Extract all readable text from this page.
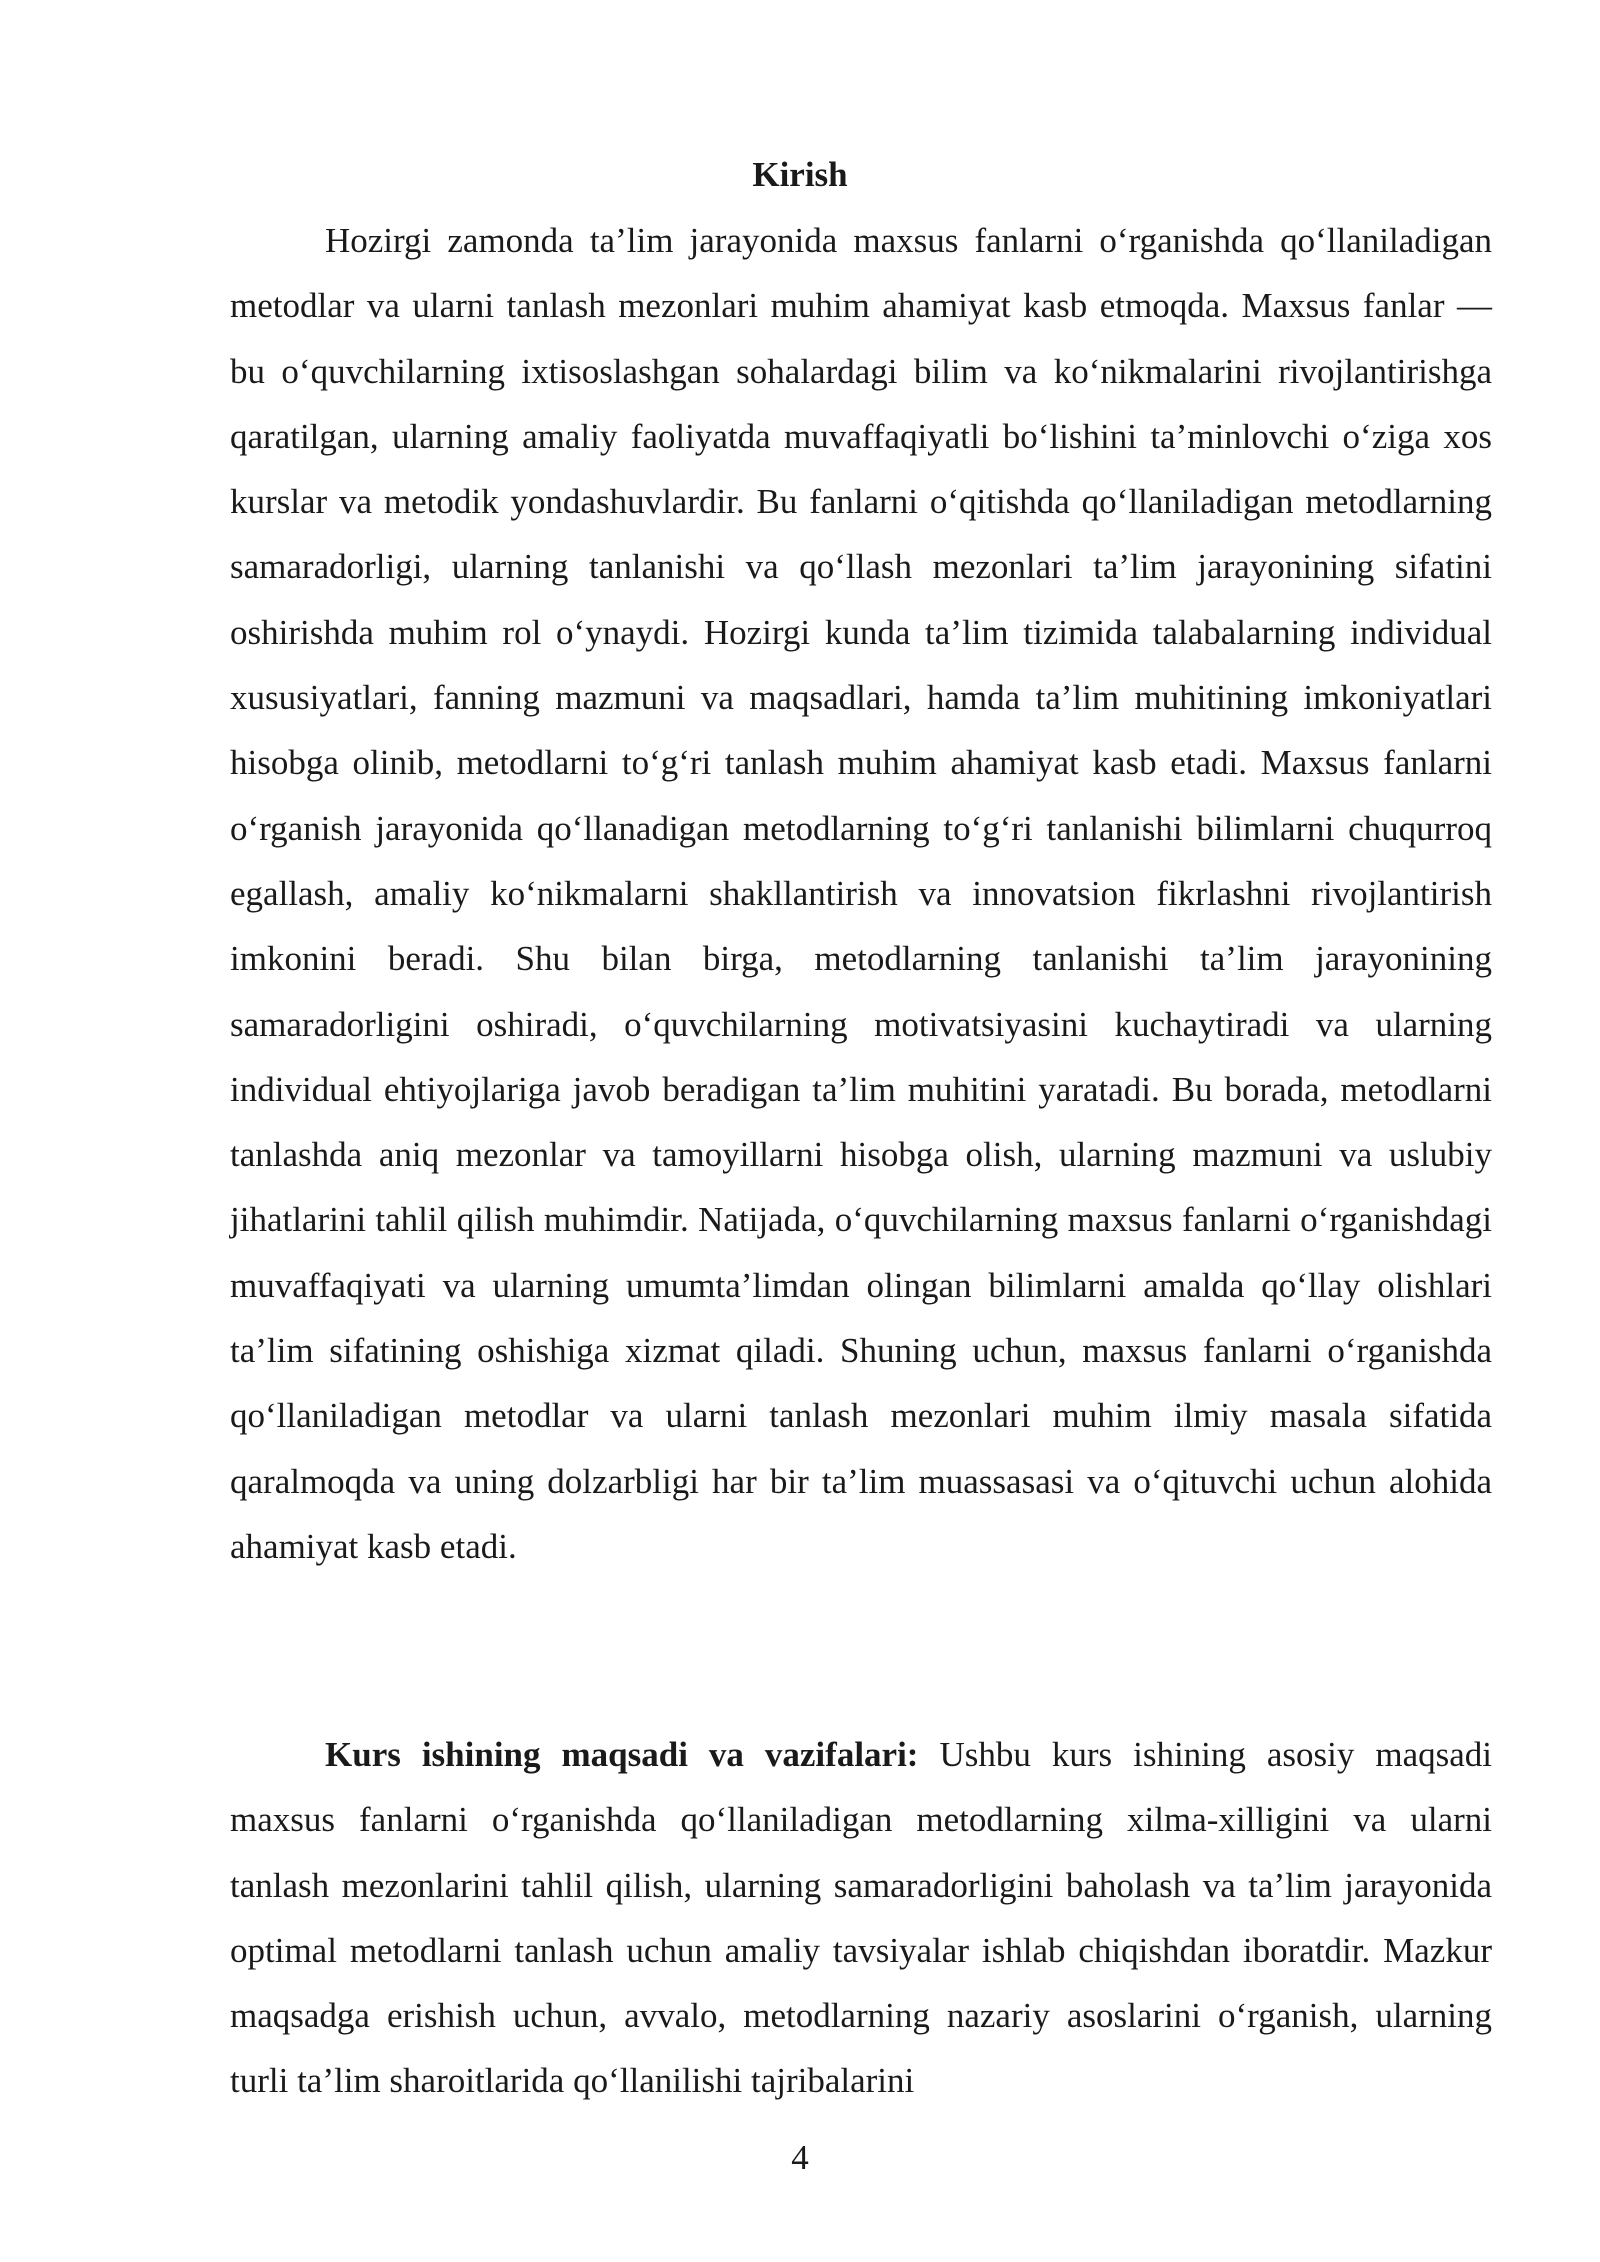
Kirish

Hozirgi zamonda ta’lim jarayonida maxsus fanlarni o‘rganishda qo‘llaniladigan metodlar va ularni tanlash mezonlari muhim ahamiyat kasb etmoqda. Maxsus fanlar — bu o‘quvchilarning ixtisoslashgan sohalardagi bilim va ko‘nikmalarini rivojlantirishga qaratilgan, ularning amaliy faoliyatda muvaffaqiyatli bo‘lishini ta’minlovchi o‘ziga xos kurslar va metodik yondashuvlardir. Bu fanlarni o‘qitishda qo‘llaniladigan metodlarning samaradorligi, ularning tanlanishi va qo‘llash mezonlari ta’lim jarayonining sifatini oshirishda muhim rol o‘ynaydi. Hozirgi kunda ta’lim tizimida talabalarning individual xususiyatlari, fanning mazmuni va maqsadlari, hamda ta’lim muhitining imkoniyatlari hisobga olinib, metodlarni to‘g‘ri tanlash muhim ahamiyat kasb etadi. Maxsus fanlarni o‘rganish jarayonida qo‘llanadigan metodlarning to‘g‘ri tanlanishi bilimlarni chuqurroq egallash, amaliy ko‘nikmalarni shakllantirish va innovatsion fikrlashni rivojlantirish imkonini beradi. Shu bilan birga, metodlarning tanlanishi ta’lim jarayonining samaradorligini oshiradi, o‘quvchilarning motivatsiyasini kuchaytiradi va ularning individual ehtiyojlariga javob beradigan ta’lim muhitini yaratadi. Bu borada, metodlarni tanlashda aniq mezonlar va tamoyillarni hisobga olish, ularning mazmuni va uslubiy jihatlarini tahlil qilish muhimdir. Natijada, o‘quvchilarning maxsus fanlarni o‘rganishdagi muvaffaqiyati va ularning umumta’limdan olingan bilimlarni amalda qo‘llay olishlari ta’lim sifatining oshishiga xizmat qiladi. Shuning uchun, maxsus fanlarni o‘rganishda qo‘llaniladigan metodlar va ularni tanlash mezonlari muhim ilmiy masala sifatida qaralmoqda va uning dolzarbligi har bir ta’lim muassasasi va o‘qituvchi uchun alohida ahamiyat kasb etadi.

Kurs ishining maqsadi va vazifalari: Ushbu kurs ishining asosiy maqsadi maxsus fanlarni o‘rganishda qo‘llaniladigan metodlarning xilma-xilligini va ularni tanlash mezonlarini tahlil qilish, ularning samaradorligini baholash va ta’lim jarayonida optimal metodlarni tanlash uchun amaliy tavsiyalar ishlab chiqishdan iboratdir. Mazkur maqsadga erishish uchun, avvalo, metodlarning nazariy asoslarini o‘rganish, ularning turli ta’lim sharoitlarida qo‘llanilishi tajribalarini

4
